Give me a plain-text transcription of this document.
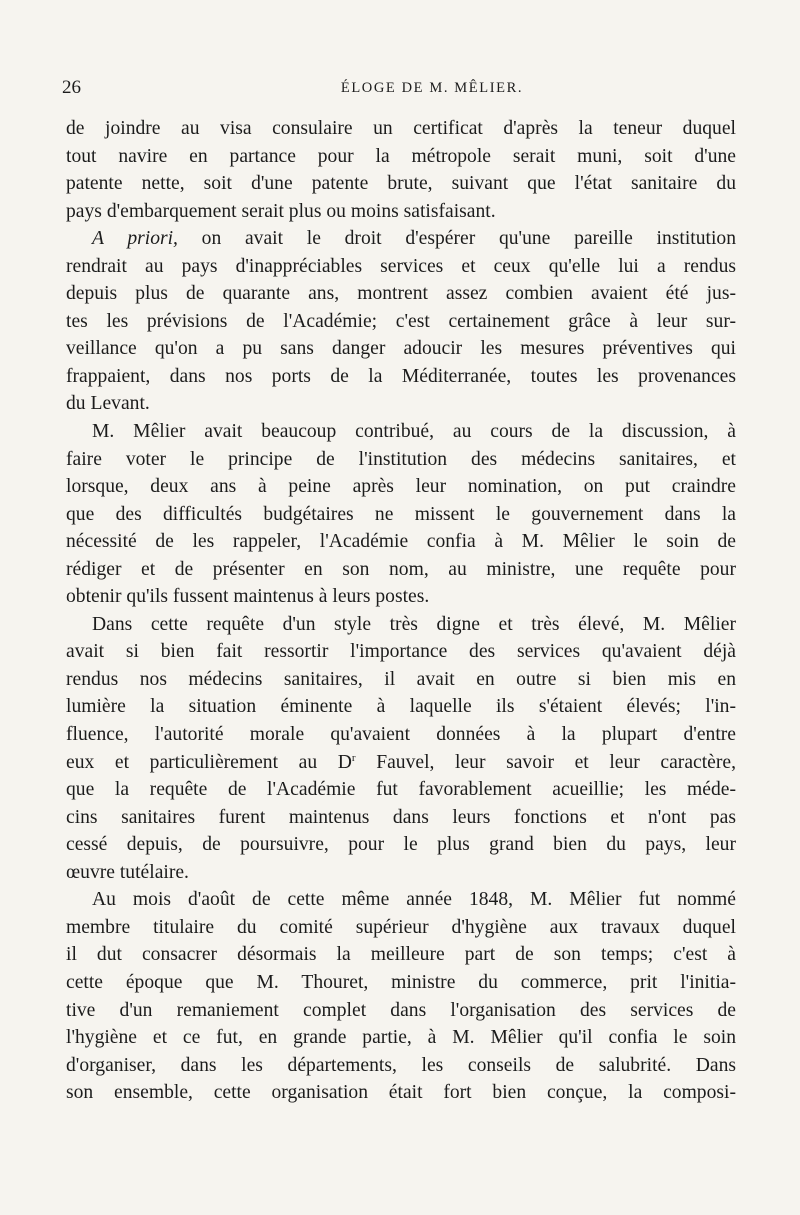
26	ÉLOGE DE M. MÊLIER.
de joindre au visa consulaire un certificat d'après la teneur duquel
tout navire en partance pour la métropole serait muni, soit d'une
patente nette, soit d'une patente brute, suivant que l'état sanitaire du
pays d'embarquement serait plus ou moins satisfaisant.
A priori, on avait le droit d'espérer qu'une pareille institution
rendrait au pays d'inappréciables services et ceux qu'elle lui a rendus
depuis plus de quarante ans, montrent assez combien avaient été jus-
tes les prévisions de l'Académie; c'est certainement grâce à leur sur-
veillance qu'on a pu sans danger adoucir les mesures préventives qui
frappaient, dans nos ports de la Méditerranée, toutes les provenances
du Levant.
M. Mêlier avait beaucoup contribué, au cours de la discussion, à
faire voter le principe de l'institution des médecins sanitaires, et
lorsque, deux ans à peine après leur nomination, on put craindre
que des difficultés budgétaires ne missent le gouvernement dans la
nécessité de les rappeler, l'Académie confia à M. Mêlier le soin de
rédiger et de présenter en son nom, au ministre, une requête pour
obtenir qu'ils fussent maintenus à leurs postes.
Dans cette requête d'un style très digne et très élevé, M. Mêlier
avait si bien fait ressortir l'importance des services qu'avaient déjà
rendus nos médecins sanitaires, il avait en outre si bien mis en
lumière la situation éminente à laquelle ils s'étaient élevés; l'in-
fluence, l'autorité morale qu'avaient données à la plupart d'entre
eux et particulièrement au $D^r$ Fauvel, leur savoir et leur caractère,
que la requête de l'Académie fut favorablement acueillie; les méde-
cins sanitaires furent maintenus dans leurs fonctions et n'ont pas
cessé depuis, de poursuivre, pour le plus grand bien du pays, leur
œuvre tutélaire.
Au mois d'août de cette même année 1848, M. Mêlier fut nommé
membre titulaire du comité supérieur d'hygiène aux travaux duquel
il dut consacrer désormais la meilleure part de son temps; c'est à
cette époque que M. Thouret, ministre du commerce, prit l'initia-
tive d'un remaniement complet dans l'organisation des services de
l'hygiène et ce fut, en grande partie, à M. Mêlier qu'il confia le soin
d'organiser, dans les départements, les conseils de salubrité. Dans
son ensemble, cette organisation était fort bien conçue, la composi-
